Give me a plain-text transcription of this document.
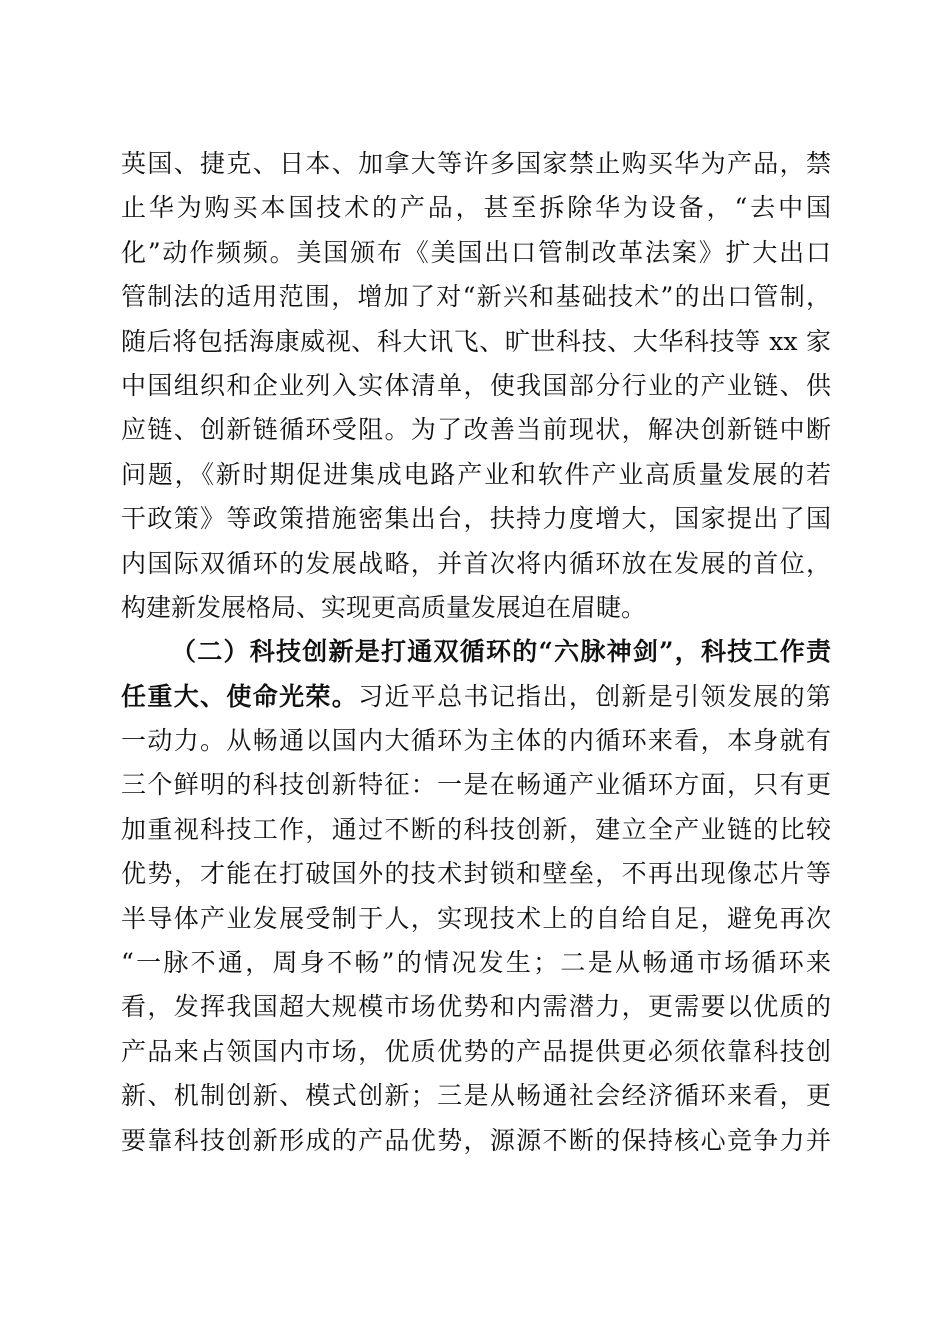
英国、捷克、日本、加拿大等许多国家禁止购买华为产品，禁
止华为购买本国技术的产品，甚至拆除华为设备，“去中国
化”动作频频。美国颁布《美国出口管制改革法案》扩大出口
管制法的适用范围，增加了对“新兴和基础技术”的出口管制，
随后将包括海康威视、科大讯飞、旷世科技、大华科技等 xx 家
中国组织和企业列入实体清单，使我国部分行业的产业链、供
应链、创新链循环受阻。为了改善当前现状，解决创新链中断
问题，《新时期促进集成电路产业和软件产业高质量发展的若
干政策》等政策措施密集出台，扶持力度增大，国家提出了国
内国际双循环的发展战略，并首次将内循环放在发展的首位，
构建新发展格局、实现更高质量发展迫在眉睫。
（二）科技创新是打通双循环的“六脉神剑”，科技工作责
任重大、使命光荣。习近平总书记指出，创新是引领发展的第
一动力。从畅通以国内大循环为主体的内循环来看，本身就有
三个鲜明的科技创新特征：一是在畅通产业循环方面，只有更
加重视科技工作，通过不断的科技创新，建立全产业链的比较
优势，才能在打破国外的技术封锁和壁垒，不再出现像芯片等
半导体产业发展受制于人，实现技术上的自给自足，避免再次
“一脉不通，周身不畅”的情况发生；二是从畅通市场循环来
看，发挥我国超大规模市场优势和内需潜力，更需要以优质的
产品来占领国内市场，优质优势的产品提供更必须依靠科技创
新、机制创新、模式创新；三是从畅通社会经济循环来看，更
要靠科技创新形成的产品优势，源源不断的保持核心竞争力并
